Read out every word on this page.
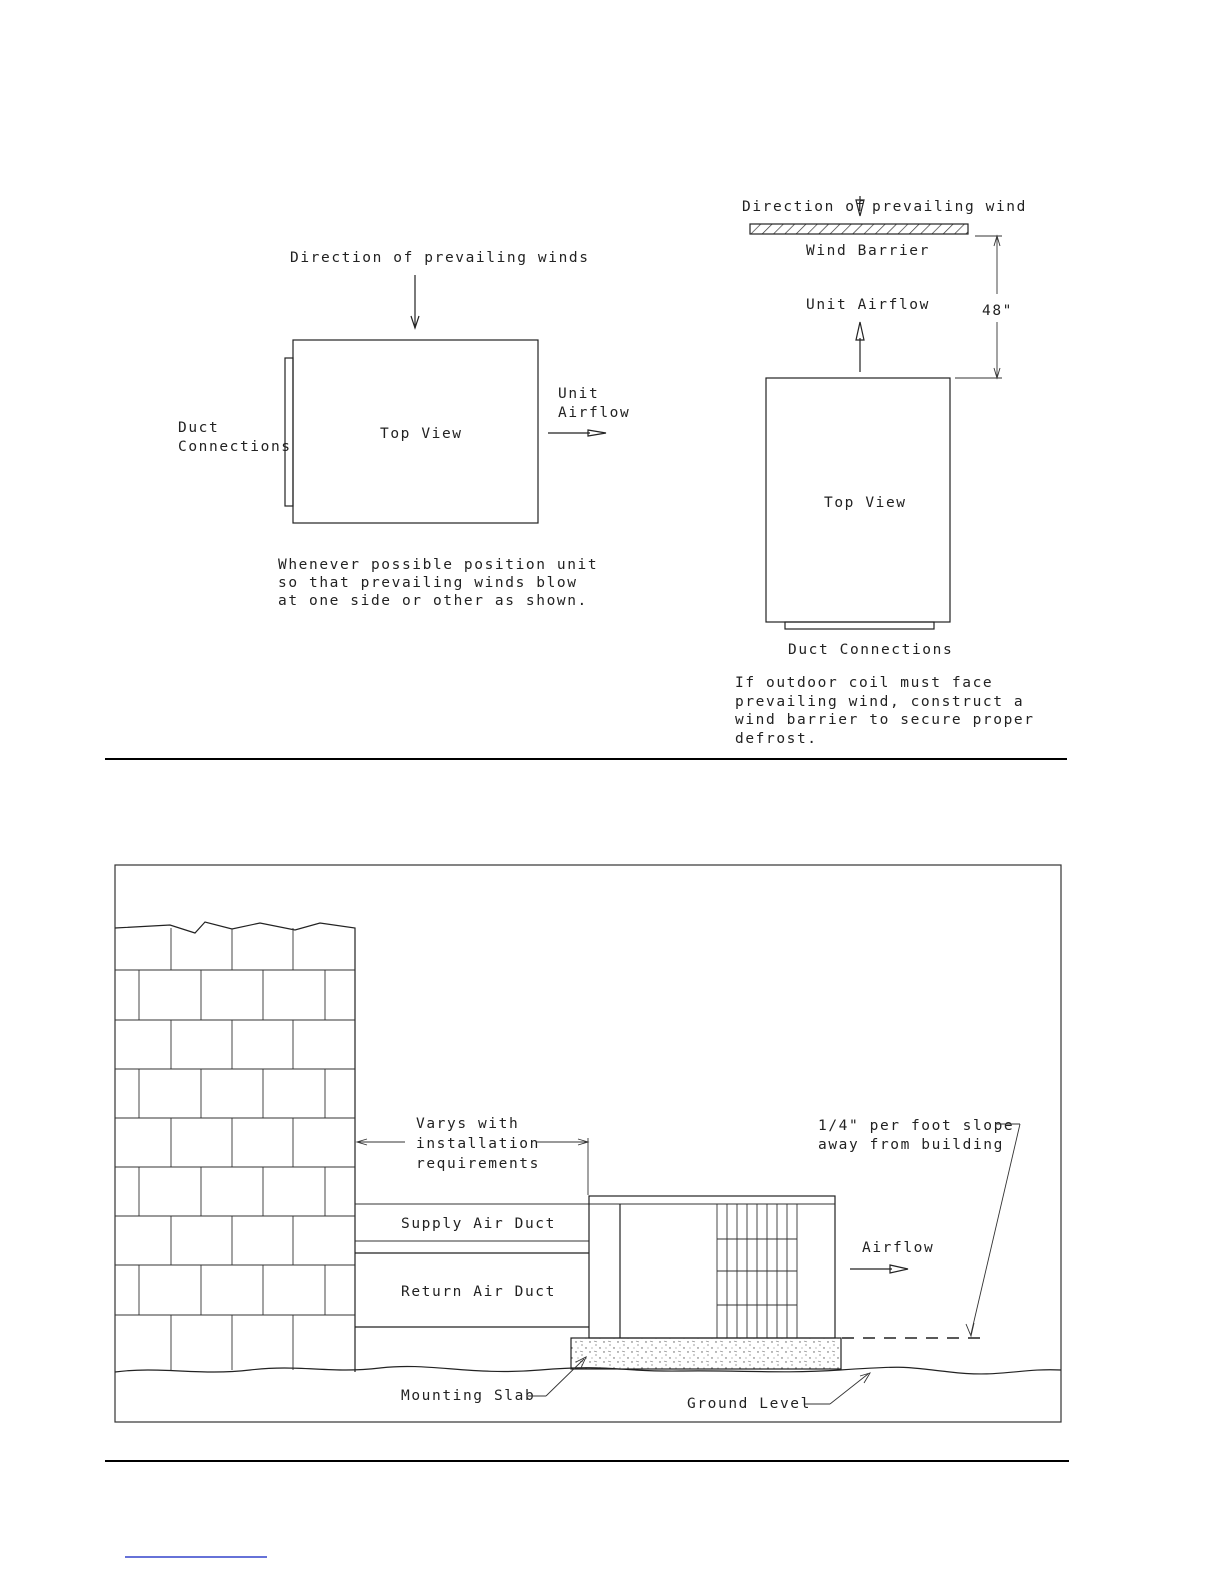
Direction of prevailing winds
Top View
Duct
Connections
Unit
Airflow
Whenever possible position unit
so that prevailing winds blow
at one side or other as shown.
Direction of prevailing wind
Wind Barrier
Unit Airflow	48"
Top View
Duct Connections
If outdoor coil must face
prevailing wind, construct a
wind barrier to secure proper
defrost.
Varys with
installation
requirements
Supply Air Duct
Return Air Duct
Airflow
1/4" per foot slope
away from building
Mounting Slab	Ground Level
